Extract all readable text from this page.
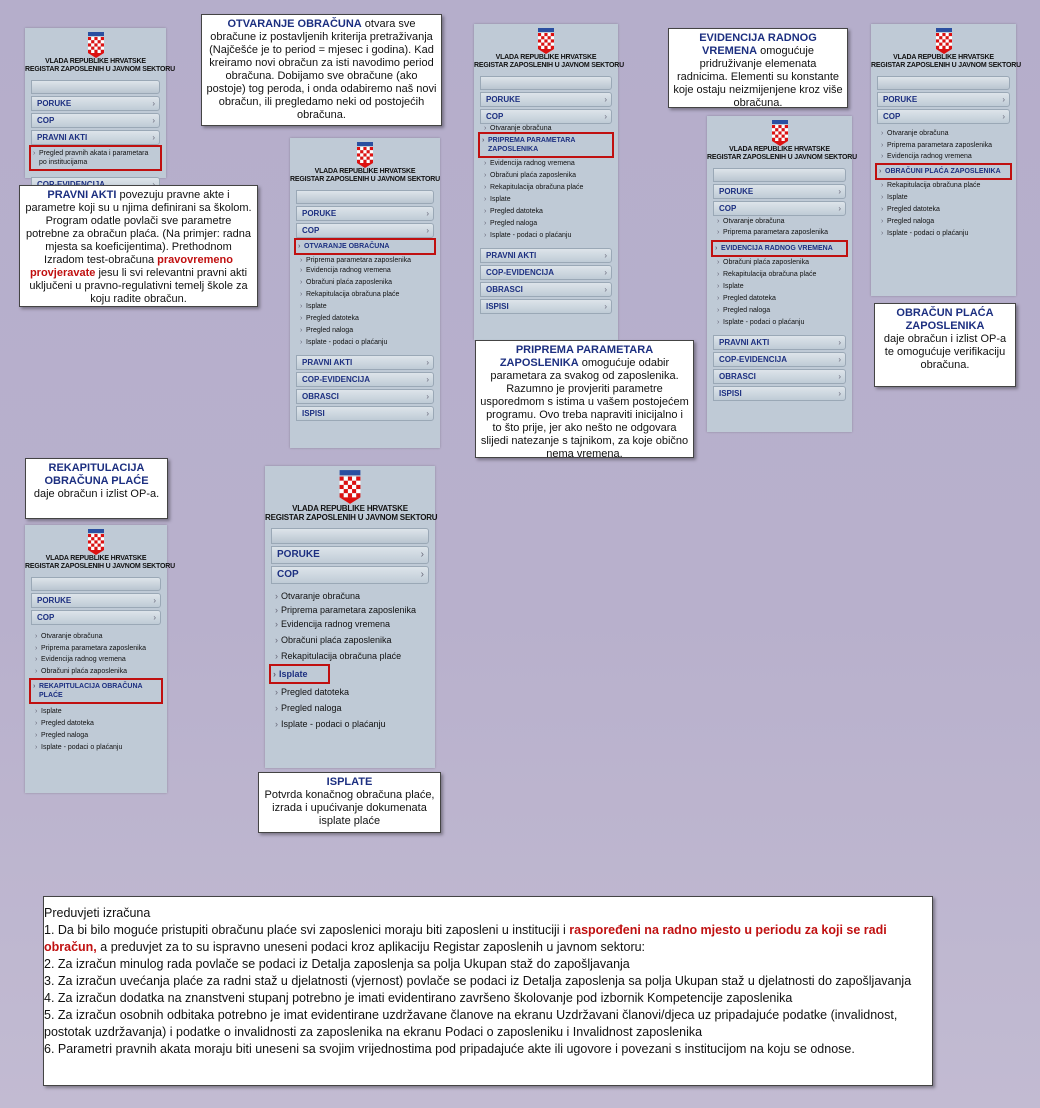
VLADA REPUBLIKE HRVATSKE
REGISTAR ZAPOSLENIH U JAVNOM SEKTORU
PORUKE ›
COP ›
PRAVNI AKTI ›
› Pregled pravnih akata i parametara po institucijama
›
PRAVNI AKTI povezuju pravne akte i parametre koji su u njima definirani sa školom. Program odatle povlači sve parametre potrebne za obračun plaća. (Na primjer: radna mjesta sa koeficijentima). Prethodnom Izradom test-obračuna pravovremeno provjeravate jesu li svi relevantni pravni akti uključeni u pravno-regulativni temelj škole za koju radite obračun.
OTVARANJE OBRAČUNA otvara sve obračune iz postavljenih kriterija pretraživanja (Najčešće je to period = mjesec i godina). Kad kreiramo novi obračun za isti navodimo period obračuna. Dobijamo sve obračune (ako postoje) tog peroda, i onda odabiremo naš novi obračun, ili pregledamo neki od postojećih obračuna.
VLADA REPUBLIKE HRVATSKE
REGISTAR ZAPOSLENIH U JAVNOM SEKTORU
PORUKE ›
COP ›
› OTVARANJE OBRAČUNA
› Priprema parametara zaposlenika
› Evidencija radnog vremena
› Obračuni plaća zaposlenika
› Rekapitulacija obračuna plaće
› Isplate
› Pregled datoteka
› Pregled naloga
› Isplate - podaci o plaćanju
PRAVNI AKTI ›
COP-EVIDENCIJA ›
OBRASCI ›
ISPISI ›
VLADA REPUBLIKE HRVATSKE
REGISTAR ZAPOSLENIH U JAVNOM SEKTORU
PORUKE ›
COP ›
› Otvaranje obračuna
› PRIPREMA PARAMETARA ZAPOSLENIKA
› Evidencija radnog vremena
› Obračuni plaća zaposlenika
› Rekapitulacija obračuna plaće
› Isplate
› Pregled datoteka
› Pregled naloga
› Isplate - podaci o plaćanju
PRAVNI AKTI ›
COP-EVIDENCIJA ›
OBRASCI ›
ISPISI ›
PRIPREMA PARAMETARA ZAPOSLENIKA omogućuje odabir parametara za svakog od zaposlenika. Razumno je provjeriti parametre usporedmom s istima u vašem postojećem programu. Ovo treba napraviti inicijalno i to što prije, jer ako nešto ne odgovara slijedi natezanje s tajnikom, za koje obično nema vremena.
EVIDENCIJA RADNOG VREMENA omogućuje pridruživanje elemenata radnicima. Elementi su konstante koje ostaju neizmijenjene kroz više obračuna.
VLADA REPUBLIKE HRVATSKE
REGISTAR ZAPOSLENIH U JAVNOM SEKTORU
PORUKE ›
COP ›
› Otvaranje obračuna
› Priprema parametara zaposlenika
› EVIDENCIJA RADNOG VREMENA
› Obračuni plaća zaposlenika
› Rekapitulacija obračuna plaće
› Isplate
› Pregled datoteka
› Pregled naloga
› Isplate - podaci o plaćanju
PRAVNI AKTI ›
COP-EVIDENCIJA ›
OBRASCI ›
ISPISI ›
VLADA REPUBLIKE HRVATSKE
REGISTAR ZAPOSLENIH U JAVNOM SEKTORU
PORUKE ›
COP ›
› Otvaranje obračuna
› Priprema parametara zaposlenika
› Evidencija radnog vremena
› OBRAČUNI PLAĆA ZAPOSLENIKA
› Rekapitulacija obračuna plaće
› Isplate
› Pregled datoteka
› Pregled naloga
› Isplate - podaci o plaćanju
OBRAČUN PLAĆA ZAPOSLENIKA
daje obračun i izlist OP-a te omogućuje verifikaciju obračuna.
REKAPITULACIJA OBRAČUNA PLAĆE
daje obračun i izlist OP-a.
VLADA REPUBLIKE HRVATSKE
REGISTAR ZAPOSLENIH U JAVNOM SEKTORU
PORUKE ›
COP ›
› Otvaranje obračuna
› Priprema parametara zaposlenika
› Evidencija radnog vremena
› Obračuni plaća zaposlenika
› REKAPITULACIJA OBRAČUNA PLAĆE
› Isplate
› Pregled datoteka
› Pregled naloga
› Isplate - podaci o plaćanju
VLADA REPUBLIKE HRVATSKE
REGISTAR ZAPOSLENIH U JAVNOM SEKTORU
PORUKE ›
COP ›
› Otvaranje obračuna
› Priprema parametara zaposlenika
› Evidencija radnog vremena
› Obračuni plaća zaposlenika
› Rekapitulacija obračuna plaće
› Isplate
› Pregled datoteka
› Pregled naloga
› Isplate - podaci o plaćanju
ISPLATE
Potvrda konačnog obračuna plaće, izrada i upućivanje dokumenata isplate plaće

Preduvjeti izračuna

1. Da bi bilo moguće pristupiti obračunu plaće svi zaposlenici moraju biti zaposleni u instituciji i raspoređeni na radno mjesto u periodu za koji se radi obračun, a preduvjet za to su ispravno uneseni podaci kroz aplikaciju Registar zaposlenih u javnom sektoru:

2. Za izračun minulog rada povlače se podaci iz Detalja zaposlenja sa polja Ukupan staž do zapošljavanja

3. Za izračun uvećanja plaće za radni staž u djelatnosti (vjernost) povlače se podaci iz Detalja zaposlenja sa polja Ukupan staž u djelatnosti do zapošljavanja

4. Za izračun dodatka na znanstveni stupanj potrebno je imati evidentirano završeno školovanje pod izbornik Kompetencije zaposlenika

5. Za izračun osobnih odbitaka potrebno je imat evidentirane uzdržavane članove na ekranu Uzdržavani članovi/djeca uz pripadajuće podatke (invalidnost, postotak uzdržavanja) i podatke o invalidnosti za zaposlenika na ekranu Podaci o zaposleniku i Invalidnost zaposlenika

6. Parametri pravnih akata moraju biti uneseni sa svojim vrijednostima pod pripadajuće akte ili ugovore i povezani s institucijom na koju se odnose.
